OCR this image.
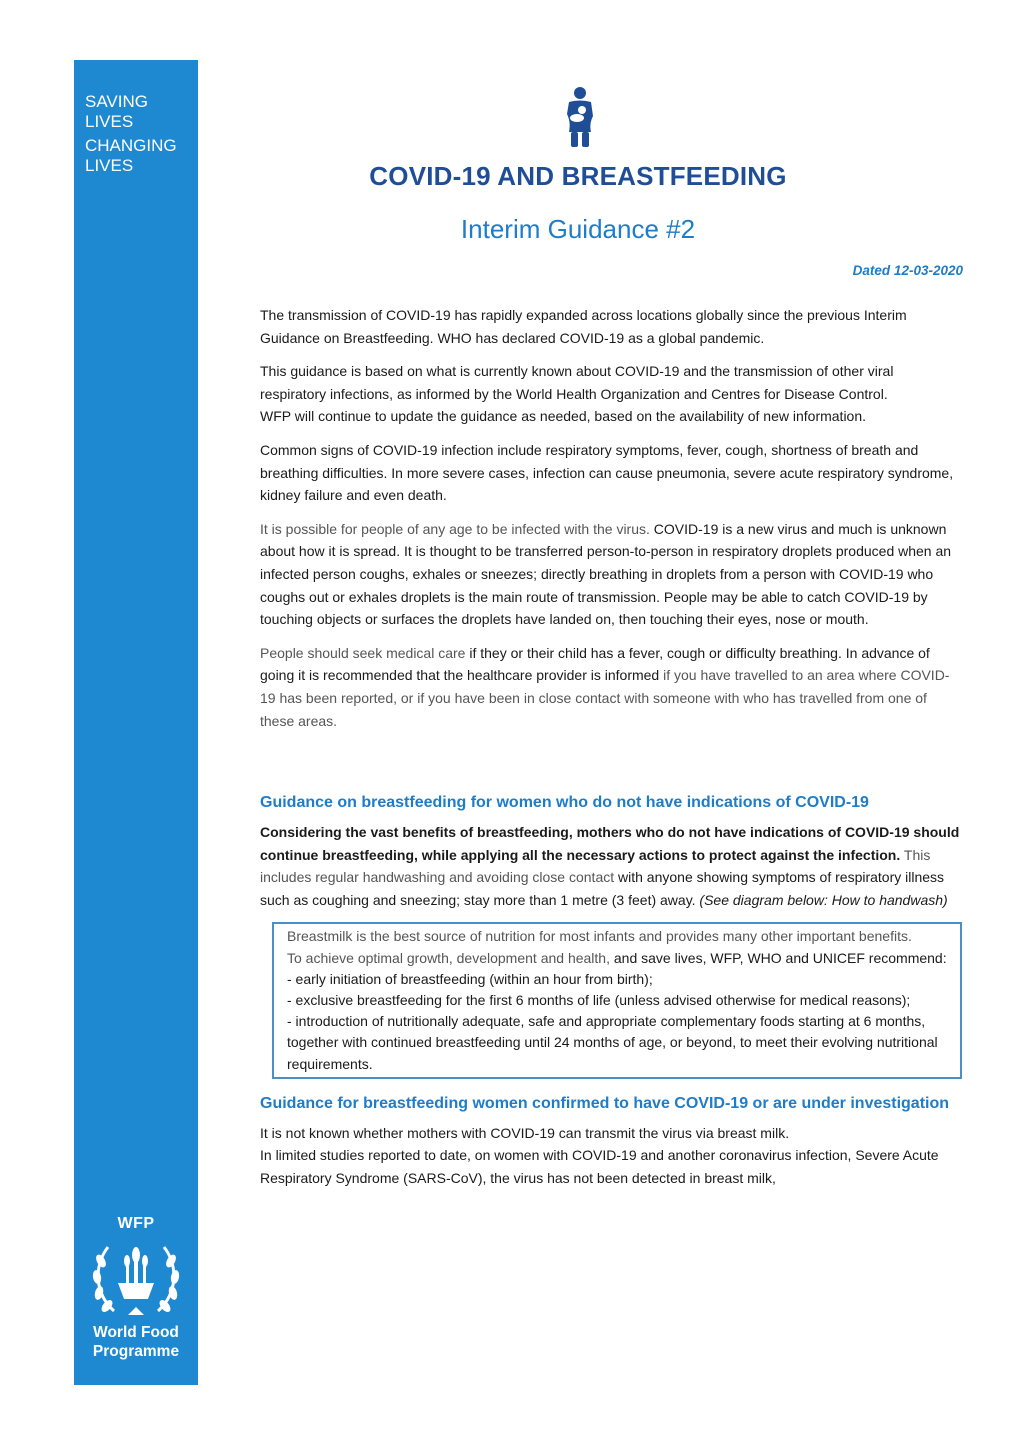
SAVING
LIVES
CHANGING
LIVES
WFP
World Food
Programme
COVID-19 AND BREASTFEEDING
Interim Guidance #2
Dated 12-03-2020

The transmission of COVID-19 has rapidly expanded across locations globally since the previous Interim Guidance on Breastfeeding. WHO has declared COVID-19 as a global pandemic.

This guidance is based on what is currently known about COVID-19 and the transmission of other viral respiratory infections, as informed by the World Health Organization and Centres for Disease Control.
WFP will continue to update the guidance as needed, based on the availability of new information.

Common signs of COVID-19 infection include respiratory symptoms, fever, cough, shortness of breath and breathing difficulties. In more severe cases, infection can cause pneumonia, severe acute respiratory syndrome, kidney failure and even death.

It is possible for people of any age to be infected with the virus. COVID-19 is a new virus and much is unknown about how it is spread. It is thought to be transferred person-to-person in respiratory droplets produced when an infected person coughs, exhales or sneezes; directly breathing in droplets from a person with COVID-19 who coughs out or exhales droplets is the main route of transmission. People may be able to catch COVID-19 by touching objects or surfaces the droplets have landed on, then touching their eyes, nose or mouth.

People should seek medical care if they or their child has a fever, cough or difficulty breathing. In advance of going it is recommended that the healthcare provider is informed if you have travelled to an area where COVID-19 has been reported, or if you have been in close contact with someone with who has travelled from one of these areas.

Guidance on breastfeeding for women who do not have indications of COVID-19

Considering the vast benefits of breastfeeding, mothers who do not have indications of COVID-19 should continue breastfeeding, while applying all the necessary actions to protect against the infection. This includes regular handwashing and avoiding close contact with anyone showing symptoms of respiratory illness such as coughing and sneezing; stay more than 1 metre (3 feet) away. (See diagram below: How to handwash)

Breastmilk is the best source of nutrition for most infants and provides many other important benefits.
To achieve optimal growth, development and health, and save lives, WFP, WHO and UNICEF recommend:
- early initiation of breastfeeding (within an hour from birth);
- exclusive breastfeeding for the first 6 months of life (unless advised otherwise for medical reasons);
- introduction of nutritionally adequate, safe and appropriate complementary foods starting at 6 months, together with continued breastfeeding until 24 months of age, or beyond, to meet their evolving nutritional requirements.
Guidance for breastfeeding women confirmed to have COVID-19 or are under investigation

It is not known whether mothers with COVID-19 can transmit the virus via breast milk.
In limited studies reported to date, on women with COVID-19 and another coronavirus infection, Severe Acute Respiratory Syndrome (SARS-CoV), the virus has not been detected in breast milk,
